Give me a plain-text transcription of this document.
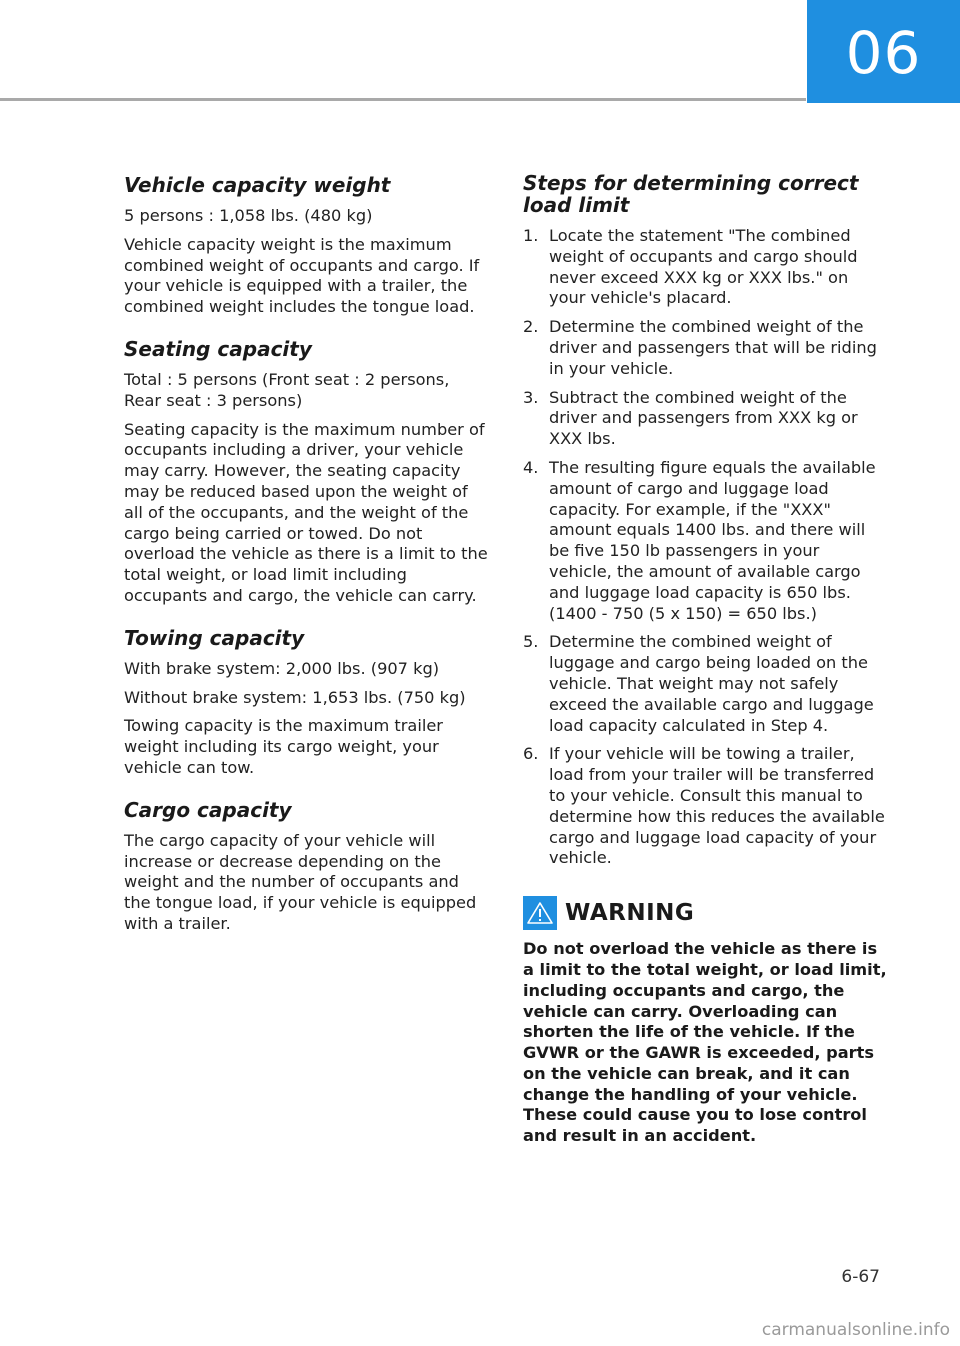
06
Vehicle capacity weight

5 persons : 1,058 lbs. (480 kg)

Vehicle capacity weight is the maximum combined weight of occupants and cargo. If your vehicle is equipped with a trailer, the combined weight includes the tongue load.

Seating capacity

Total : 5 persons (Front seat : 2 persons, Rear seat : 3 persons)

Seating capacity is the maximum number of occupants including a driver, your vehicle may carry. However, the seating capacity may be reduced based upon the weight of all of the occupants, and the weight of the cargo being carried or towed. Do not overload the vehicle as there is a limit to the total weight, or load limit including occupants and cargo, the vehicle can carry.

Towing capacity

With brake system: 2,000 lbs. (907 kg)

Without brake system: 1,653 lbs. (750 kg)

Towing capacity is the maximum trailer weight including its cargo weight, your vehicle can tow.

Cargo capacity

The cargo capacity of your vehicle will increase or decrease depending on the weight and the number of occupants and the tongue load, if your vehicle is equipped with a trailer.

Steps for determining correct load limit
1. Locate the statement "The combined weight of occupants and cargo should never exceed XXX kg or XXX lbs." on your vehicle's placard.
2. Determine the combined weight of the driver and passengers that will be riding in your vehicle.
3. Subtract the combined weight of the driver and passengers from XXX kg or XXX lbs.
4. The resulting figure equals the available amount of cargo and luggage load capacity. For example, if the "XXX" amount equals 1400 lbs. and there will be five 150 lb passengers in your vehicle, the amount of available cargo and luggage load capacity is 650 lbs. (1400 - 750 (5 x 150) = 650 lbs.)
5. Determine the combined weight of luggage and cargo being loaded on the vehicle. That weight may not safely exceed the available cargo and luggage load capacity calculated in Step 4.
6. If your vehicle will be towing a trailer, load from your trailer will be transferred to your vehicle. Consult this manual to determine how this reduces the available cargo and luggage load capacity of your vehicle.
WARNING

Do not overload the vehicle as there is a limit to the total weight, or load limit, including occupants and cargo, the vehicle can carry. Overloading can shorten the life of the vehicle. If the GVWR or the GAWR is exceeded, parts on the vehicle can break, and it can change the handling of your vehicle. These could cause you to lose control and result in an accident.

6-67
carmanualsonline.info
